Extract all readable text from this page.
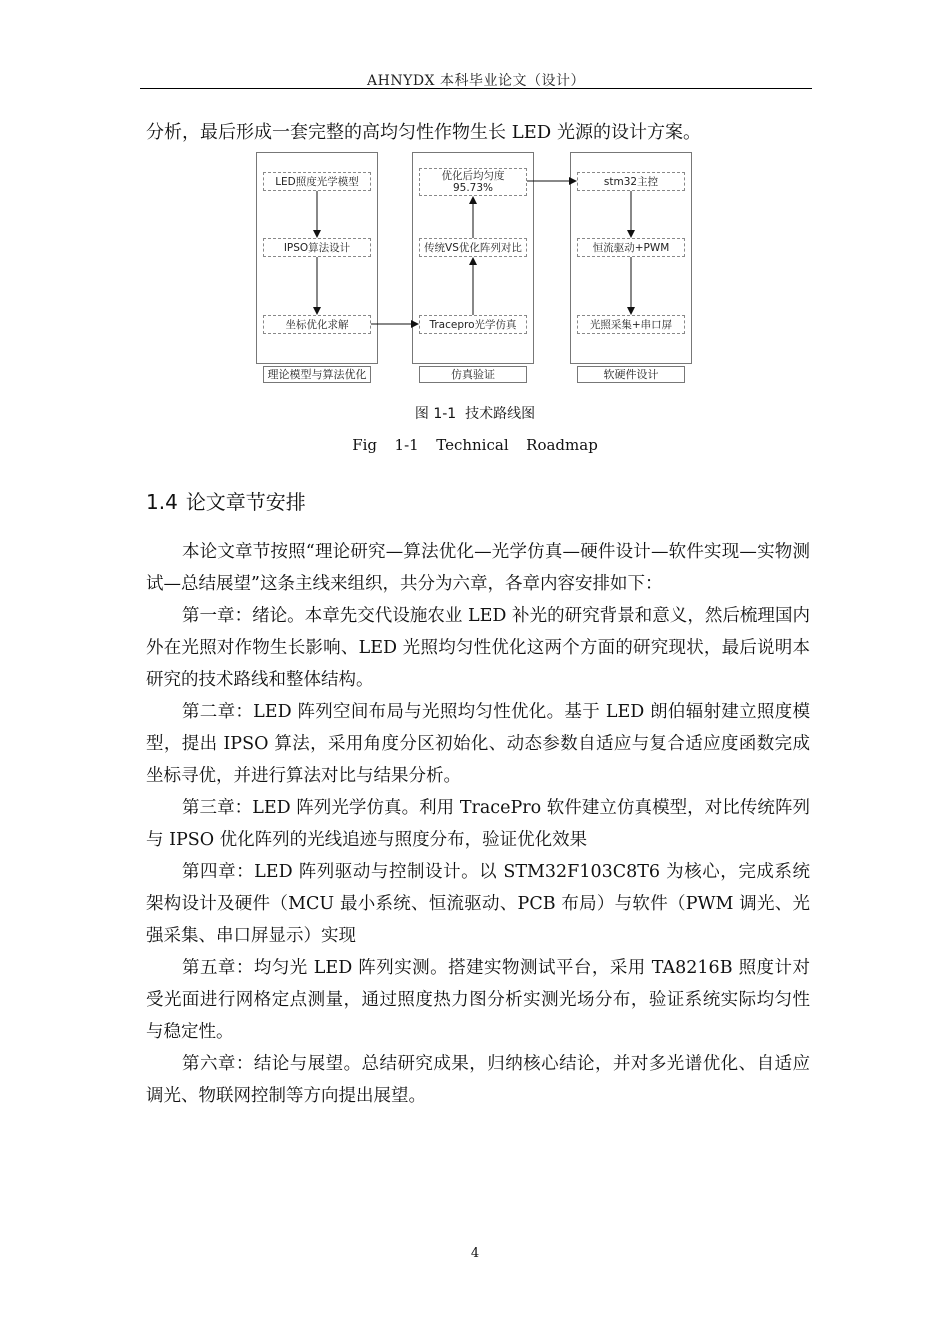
AHNYDX 本科毕业论文（设计）
分析，最后形成一套完整的高均匀性作物生长 LED 光源的设计方案。
LED照度光学模型
IPSO算法设计
坐标优化求解
理论模型与算法优化
优化后均匀度
95.73%
传统VS优化阵列对比
Tracepro光学仿真
仿真验证
stm32主控
恒流驱动+PWM
光照采集+串口屏
软硬件设计
图 1-1  技术路线图
Fig  1-1  Technical  Roadmap
1.4 论文章节安排
本论文章节按照“理论研究—算法优化—光学仿真—硬件设计—软件实现—实物测试—总结展望”这条主线来组织，共分为六章，各章内容安排如下：
第一章：绪论。本章先交代设施农业 LED 补光的研究背景和意义，然后梳理国内外在光照对作物生长影响、LED 光照均匀性优化这两个方面的研究现状，最后说明本研究的技术路线和整体结构。
第二章：LED 阵列空间布局与光照均匀性优化。基于 LED 朗伯辐射建立照度模型，提出 IPSO 算法，采用角度分区初始化、动态参数自适应与复合适应度函数完成坐标寻优，并进行算法对比与结果分析。
第三章：LED 阵列光学仿真。利用 TracePro 软件建立仿真模型，对比传统阵列与 IPSO 优化阵列的光线追迹与照度分布，验证优化效果
第四章：LED 阵列驱动与控制设计。以 STM32F103C8T6 为核心，完成系统架构设计及硬件（MCU 最小系统、恒流驱动、PCB 布局）与软件（PWM 调光、光强采集、串口屏显示）实现
第五章：均匀光 LED 阵列实测。搭建实物测试平台，采用 TA8216B 照度计对受光面进行网格定点测量，通过照度热力图分析实测光场分布，验证系统实际均匀性与稳定性。
第六章：结论与展望。总结研究成果，归纳核心结论，并对多光谱优化、自适应调光、物联网控制等方向提出展望。
4
